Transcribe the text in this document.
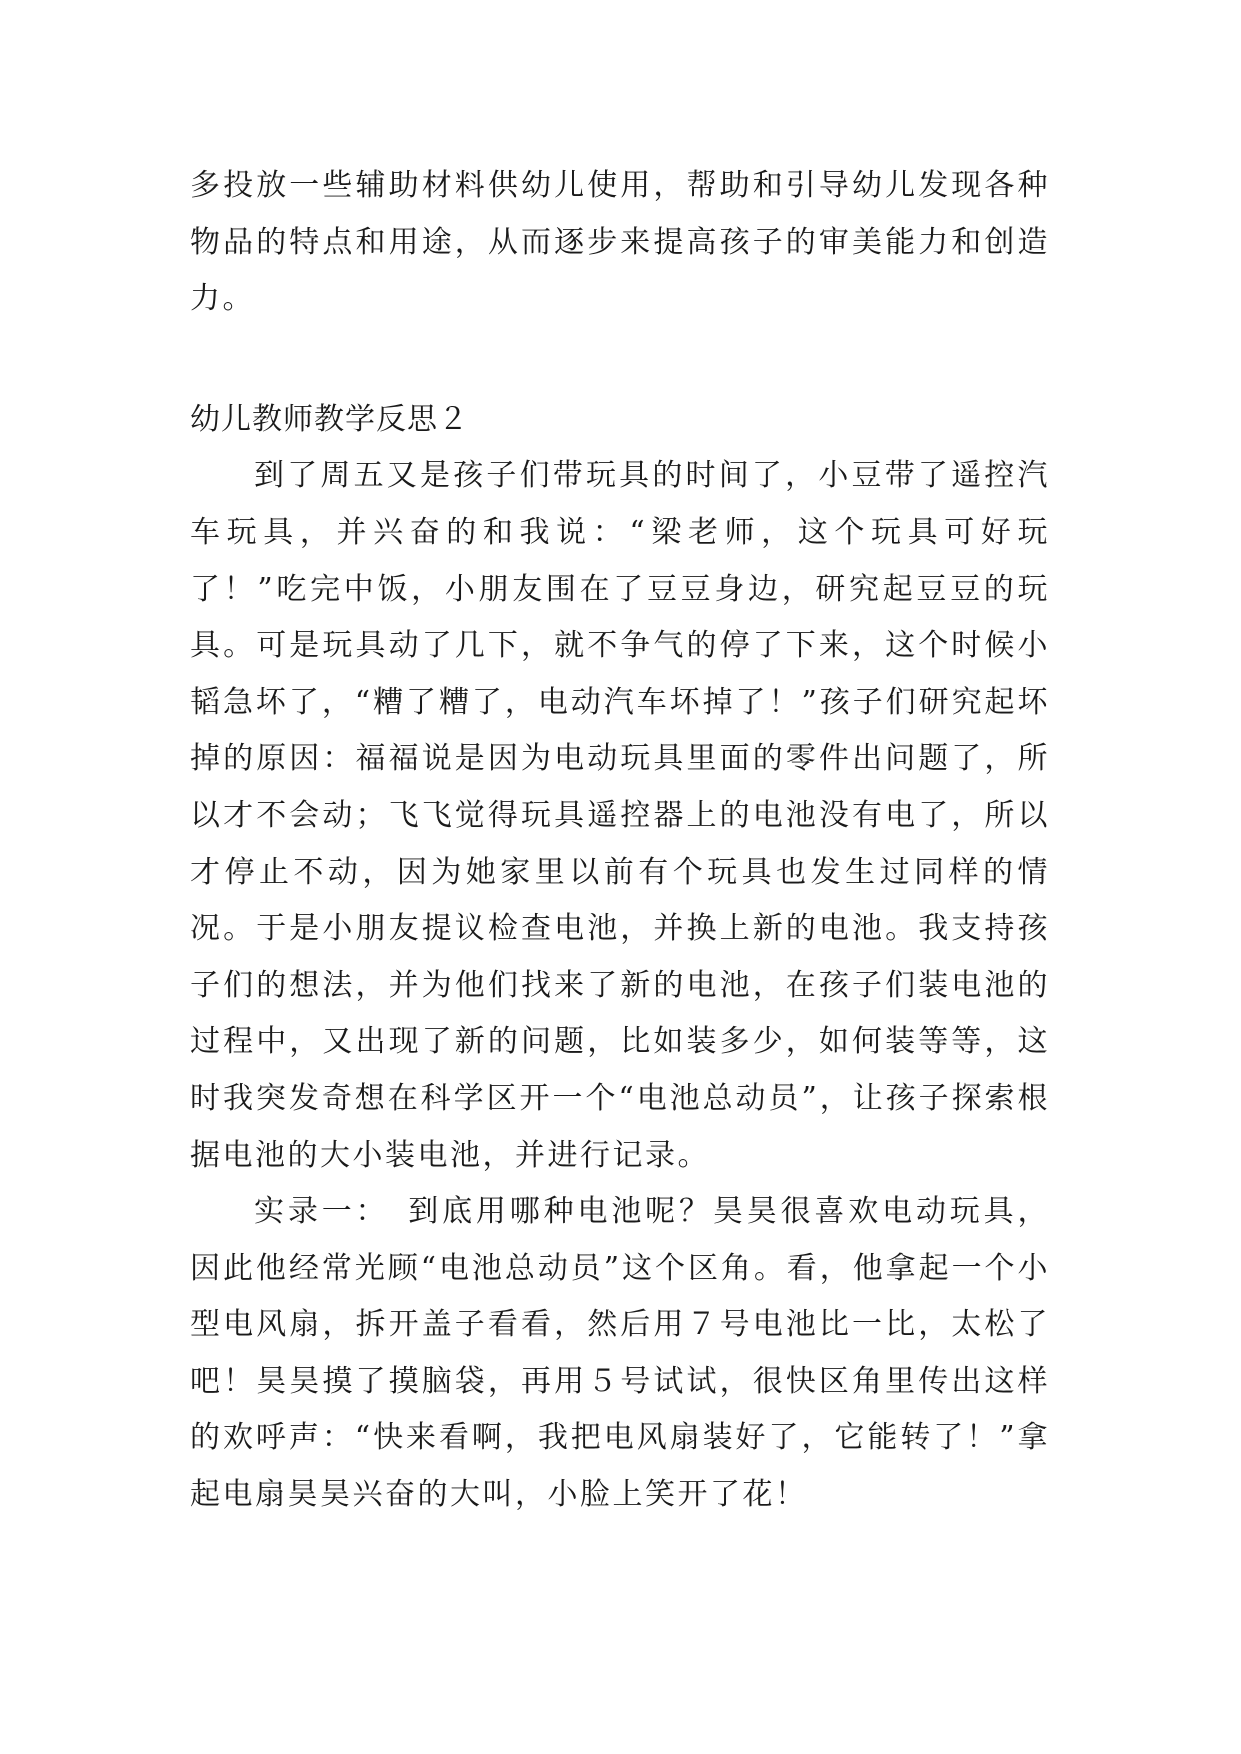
多投放一些辅助材料供幼儿使用，帮助和引导幼儿发现各种物品的特点和用途，从而逐步来提高孩子的审美能力和创造力。

幼儿教师教学反思２

到了周五又是孩子们带玩具的时间了，小豆带了遥控汽车玩具，并兴奋的和我说：“梁老师，这个玩具可好玩了！”吃完中饭，小朋友围在了豆豆身边，研究起豆豆的玩具。可是玩具动了几下，就不争气的停了下来，这个时候小韬急坏了，“糟了糟了，电动汽车坏掉了！”孩子们研究起坏掉的原因：福福说是因为电动玩具里面的零件出问题了，所以才不会动；飞飞觉得玩具遥控器上的电池没有电了，所以才停止不动，因为她家里以前有个玩具也发生过同样的情况。于是小朋友提议检查电池，并换上新的电池。我支持孩子们的想法，并为他们找来了新的电池，在孩子们装电池的过程中，又出现了新的问题，比如装多少，如何装等等，这时我突发奇想在科学区开一个“电池总动员”，让孩子探索根据电池的大小装电池，并进行记录。

实录一：　到底用哪种电池呢？昊昊很喜欢电动玩具，因此他经常光顾“电池总动员”这个区角。看，他拿起一个小型电风扇，拆开盖子看看，然后用７号电池比一比，太松了吧！昊昊摸了摸脑袋，再用５号试试，很快区角里传出这样的欢呼声：“快来看啊，我把电风扇装好了，它能转了！”拿起电扇昊昊兴奋的大叫，小脸上笑开了花！
